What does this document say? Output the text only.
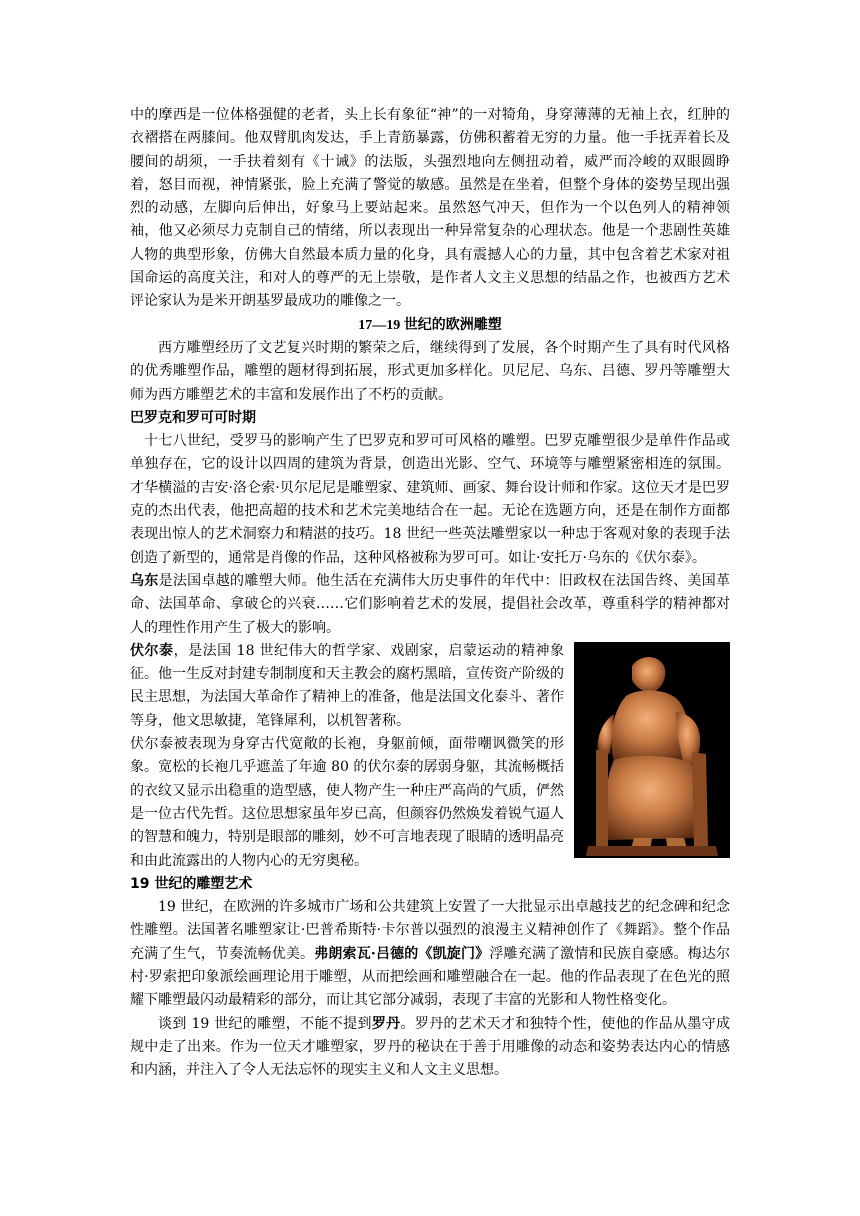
中的摩西是一位体格强健的老者，头上长有象征“神”的一对犄角，身穿薄薄的无袖上衣，红肿的衣褶搭在两膝间。他双臂肌肉发达，手上青筋暴露，仿佛积蓄着无穷的力量。他一手抚弄着长及腰间的胡须，一手扶着刻有《十诫》的法版，头强烈地向左侧扭动着，威严而冷峻的双眼圆睁着，怒目而视，神情紧张，脸上充满了警觉的敏感。虽然是在坐着，但整个身体的姿势呈现出强烈的动感，左脚向后伸出，好象马上要站起来。虽然怒气冲天，但作为一个以色列人的精神领袖，他又必须尽力克制自己的情绪，所以表现出一种异常复杂的心理状态。他是一个悲剧性英雄人物的典型形象，仿佛大自然最本质力量的化身，具有震撼人心的力量，其中包含着艺术家对祖国命运的高度关注，和对人的尊严的无上崇敬，是作者人文主义思想的结晶之作，也被西方艺术评论家认为是米开朗基罗最成功的雕像之一。

17—19 世纪的欧洲雕塑

西方雕塑经历了文艺复兴时期的繁荣之后，继续得到了发展，各个时期产生了具有时代风格的优秀雕塑作品，雕塑的题材得到拓展，形式更加多样化。贝尼尼、乌东、吕德、罗丹等雕塑大师为西方雕塑艺术的丰富和发展作出了不朽的贡献。

巴罗克和罗可可时期

十七八世纪，受罗马的影响产生了巴罗克和罗可可风格的雕塑。巴罗克雕塑很少是单件作品或单独存在，它的设计以四周的建筑为背景，创造出光影、空气、环境等与雕塑紧密相连的氛围。才华横溢的吉安·洛仑索·贝尔尼尼是雕塑家、建筑师、画家、舞台设计师和作家。这位天才是巴罗克的杰出代表，他把高超的技术和艺术完美地结合在一起。无论在选题方向，还是在制作方面都表现出惊人的艺术洞察力和精湛的技巧。18 世纪一些英法雕塑家以一种忠于客观对象的表现手法创造了新型的，通常是肖像的作品，这种风格被称为罗可可。如让·安托万·乌东的《伏尔泰》。

乌东是法国卓越的雕塑大师。他生活在充满伟大历史事件的年代中：旧政权在法国告终、美国革命、法国革命、拿破仑的兴衰……它们影响着艺术的发展，提倡社会改革，尊重科学的精神都对人的理性作用产生了极大的影响。

伏尔泰，是法国 18 世纪伟大的哲学家、戏剧家，启蒙运动的精神象征。他一生反对封建专制制度和天主教会的腐朽黑暗，宣传资产阶级的民主思想，为法国大革命作了精神上的准备，他是法国文化泰斗、著作等身，他文思敏捷，笔锋犀利，以机智著称。

伏尔泰被表现为身穿古代宽敞的长袍，身躯前倾，面带嘲讽微笑的形象。宽松的长袍几乎遮盖了年逾 80 的伏尔泰的孱弱身躯，其流畅概括的衣纹又显示出稳重的造型感，使人物产生一种庄严高尚的气质，俨然是一位古代先哲。这位思想家虽年岁已高，但颜容仍然焕发着锐气逼人的智慧和魄力，特别是眼部的雕刻，妙不可言地表现了眼睛的透明晶亮和由此流露出的人物内心的无穷奥秘。

19 世纪的雕塑艺术

19 世纪，在欧洲的许多城市广场和公共建筑上安置了一大批显示出卓越技艺的纪念碑和纪念性雕塑。法国著名雕塑家让·巴普希斯特·卡尔普以强烈的浪漫主义精神创作了《舞蹈》。整个作品充满了生气，节奏流畅优美。弗朗索瓦·吕德的《凯旋门》浮雕充满了激情和民族自豪感。梅达尔村·罗索把印象派绘画理论用于雕塑，从而把绘画和雕塑融合在一起。他的作品表现了在色光的照耀下雕塑最闪动最精彩的部分，而让其它部分减弱，表现了丰富的光影和人物性格变化。

谈到 19 世纪的雕塑，不能不提到罗丹。罗丹的艺术天才和独特个性，使他的作品从墨守成规中走了出来。作为一位天才雕塑家，罗丹的秘诀在于善于用雕像的动态和姿势表达内心的情感和内涵，并注入了令人无法忘怀的现实主义和人文主义思想。
